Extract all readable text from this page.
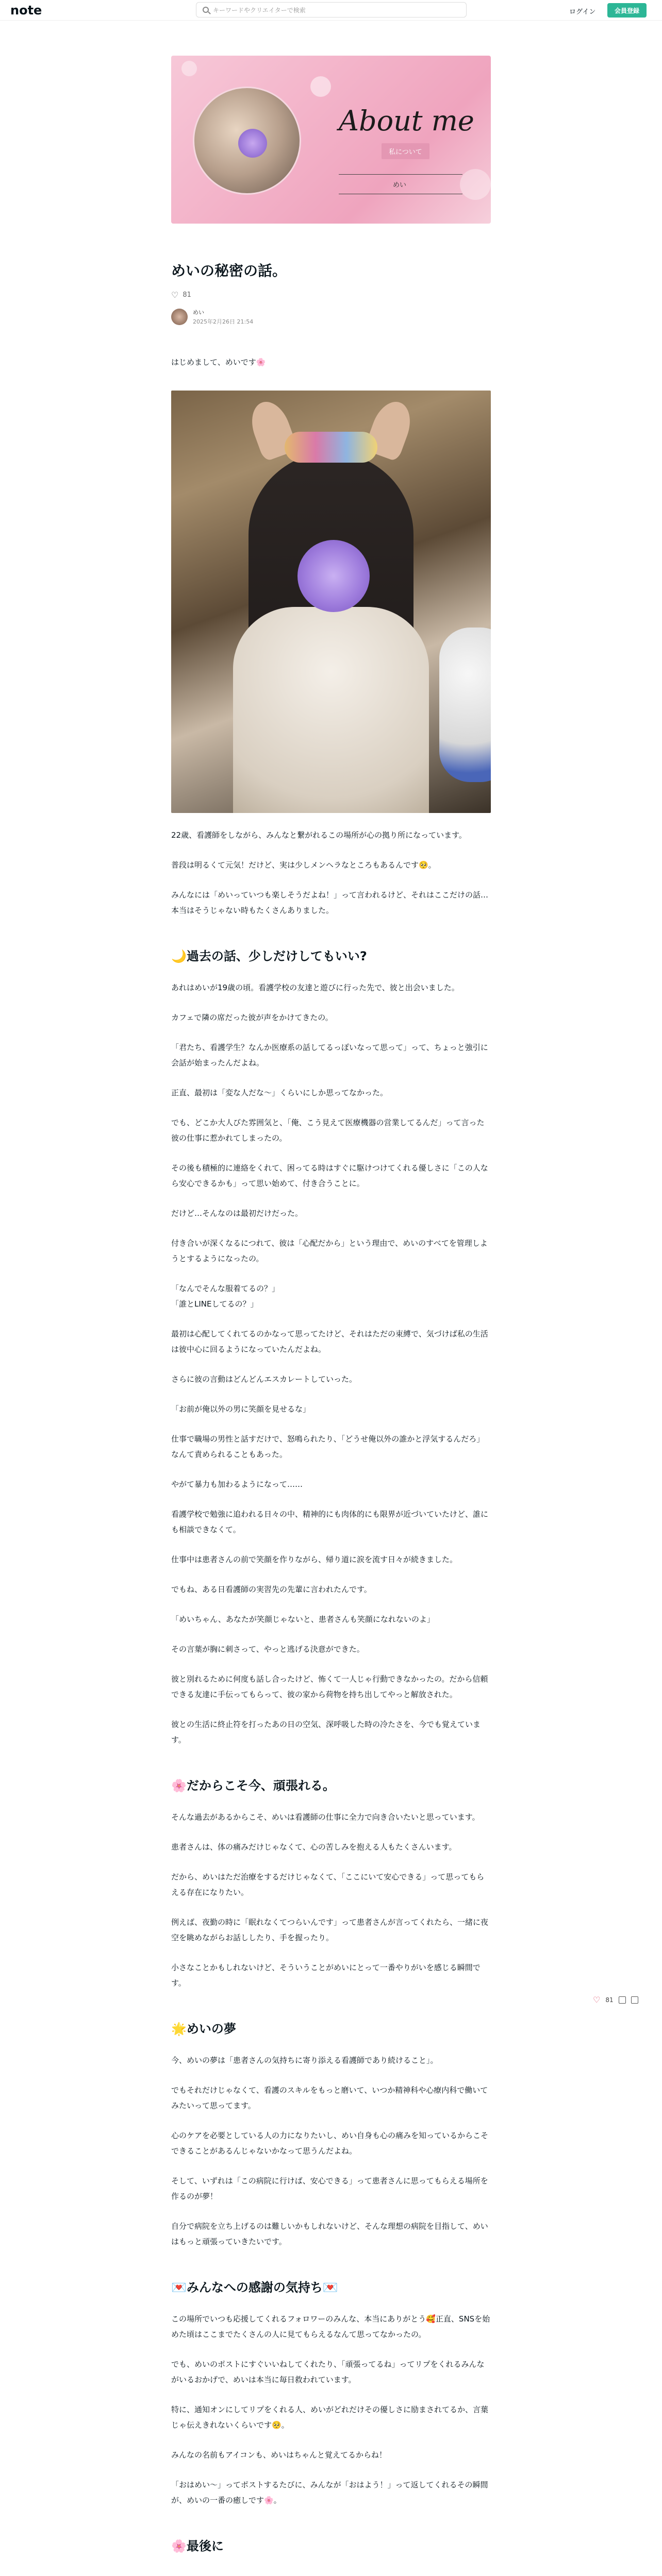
note	キーワードやクリエイターで検索	ログイン	会員登録
About me
私について
めい
めいの秘密の話。
♡ 81
めい
2025年2月26日 21:54

はじめまして、めいです🌸

22歳、看護師をしながら、みんなと繋がれるこの場所が心の拠り所になっています。

普段は明るくて元気！だけど、実は少しメンヘラなところもあるんです🥺。

みんなには「めいっていつも楽しそうだよね！」って言われるけど、それはここだけの話…本当はそうじゃない時もたくさんありました。

🌙過去の話、少しだけしてもいい?

あれはめいが19歳の頃。看護学校の友達と遊びに行った先で、彼と出会いました。

カフェで隣の席だった彼が声をかけてきたの。

「君たち、看護学生？なんか医療系の話してるっぽいなって思って」って、ちょっと強引に会話が始まったんだよね。

正直、最初は「変な人だな〜」くらいにしか思ってなかった。

でも、どこか大人びた雰囲気と、「俺、こう見えて医療機器の営業してるんだ」って言った彼の仕事に惹かれてしまったの。

その後も積極的に連絡をくれて、困ってる時はすぐに駆けつけてくれる優しさに「この人なら安心できるかも」って思い始めて、付き合うことに。

だけど…そんなのは最初だけだった。

付き合いが深くなるにつれて、彼は「心配だから」という理由で、めいのすべてを管理しようとするようになったの。

「なんでそんな服着てるの？」
「誰とLINEしてるの？」

最初は心配してくれてるのかなって思ってたけど、それはただの束縛で、気づけば私の生活は彼中心に回るようになっていたんだよね。

さらに彼の言動はどんどんエスカレートしていった。

「お前が俺以外の男に笑顔を見せるな」

仕事で職場の男性と話すだけで、怒鳴られたり、「どうせ俺以外の誰かと浮気するんだろ」なんて責められることもあった。

やがて暴力も加わるようになって……

看護学校で勉強に追われる日々の中、精神的にも肉体的にも限界が近づいていたけど、誰にも相談できなくて。

仕事中は患者さんの前で笑顔を作りながら、帰り道に涙を流す日々が続きました。

でもね、ある日看護師の実習先の先輩に言われたんです。

「めいちゃん、あなたが笑顔じゃないと、患者さんも笑顔になれないのよ」

その言葉が胸に刺さって、やっと逃げる決意ができた。

彼と別れるために何度も話し合ったけど、怖くて一人じゃ行動できなかったの。だから信頼できる友達に手伝ってもらって、彼の家から荷物を持ち出してやっと解放された。

彼との生活に終止符を打ったあの日の空気、深呼吸した時の冷たさを、今でも覚えています。

🌸だからこそ今、頑張れる。

そんな過去があるからこそ、めいは看護師の仕事に全力で向き合いたいと思っています。

患者さんは、体の痛みだけじゃなくて、心の苦しみを抱える人もたくさんいます。

だから、めいはただ治療をするだけじゃなくて、「ここにいて安心できる」って思ってもらえる存在になりたい。

例えば、夜勤の時に「眠れなくてつらいんです」って患者さんが言ってくれたら、一緒に夜空を眺めながらお話ししたり、手を握ったり。

小さなことかもしれないけど、そういうことがめいにとって一番やりがいを感じる瞬間です。

🌟めいの夢

今、めいの夢は「患者さんの気持ちに寄り添える看護師であり続けること」。

でもそれだけじゃなくて、看護のスキルをもっと磨いて、いつか精神科や心療内科で働いてみたいって思ってます。

心のケアを必要としている人の力になりたいし、めい自身も心の痛みを知っているからこそできることがあるんじゃないかなって思うんだよね。

そして、いずれは「この病院に行けば、安心できる」って患者さんに思ってもらえる場所を作るのが夢！

自分で病院を立ち上げるのは難しいかもしれないけど、そんな理想の病院を目指して、めいはもっと頑張っていきたいです。

💌みんなへの感謝の気持ち💌

この場所でいつも応援してくれるフォロワーのみんな、本当にありがとう🥰正直、SNSを始めた頃はここまでたくさんの人に見てもらえるなんて思ってなかったの。

でも、めいのポストにすぐいいねしてくれたり、「頑張ってるね」ってリプをくれるみんながいるおかげで、めいは本当に毎日救われています。

特に、通知オンにしてリプをくれる人、めいがどれだけその優しさに励まされてるか、言葉じゃ伝えきれないくらいです🥺。

みんなの名前もアイコンも、めいはちゃんと覚えてるからね！

「おはめい〜」ってポストするたびに、みんなが「おはよう！」って返してくれるその瞬間が、めいの一番の癒しです🌸。

🌸最後に
♡ 81
